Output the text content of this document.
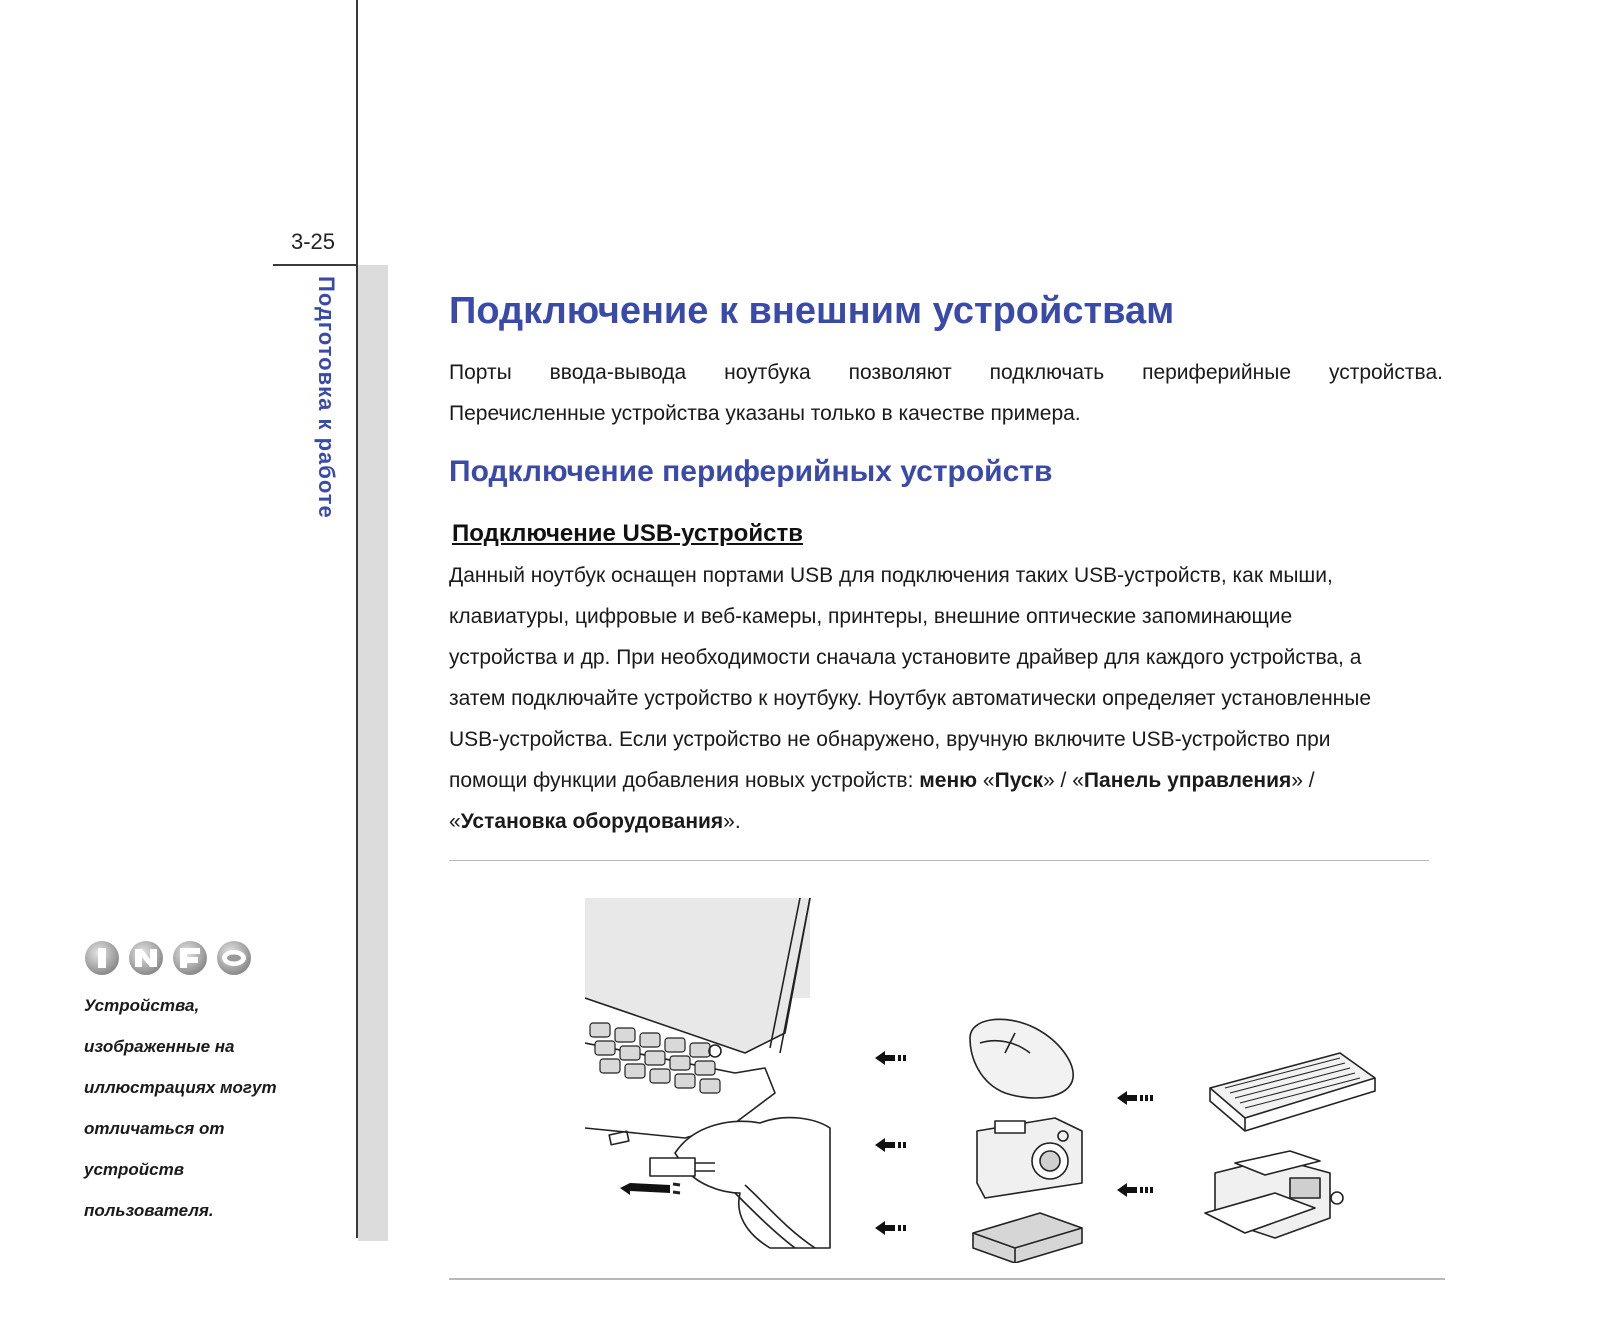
3-25
Подготовка к работе
Устройства,
изображенные на
иллюстрациях могут
отличаться от
устройств
пользователя.
Подключение к внешним устройствам
Порты ввода-вывода ноутбука позволяют подключать периферийные устройства.
Перечисленные устройства указаны только в качестве примера.
Подключение периферийных устройств
Подключение USB-устройств
Данный ноутбук оснащен портами USB для подключения таких USB-устройств, как мыши,
клавиатуры, цифровые и веб-камеры, принтеры, внешние оптические запоминающие
устройства и др. При необходимости сначала установите драйвер для каждого устройства, а
затем подключайте устройство к ноутбуку. Ноутбук автоматически определяет установленные
USB-устройства. Если устройство не обнаружено, вручную включите USB-устройство при
помощи функции добавления новых устройств: меню «Пуск» / «Панель управления» /
«Установка оборудования».
